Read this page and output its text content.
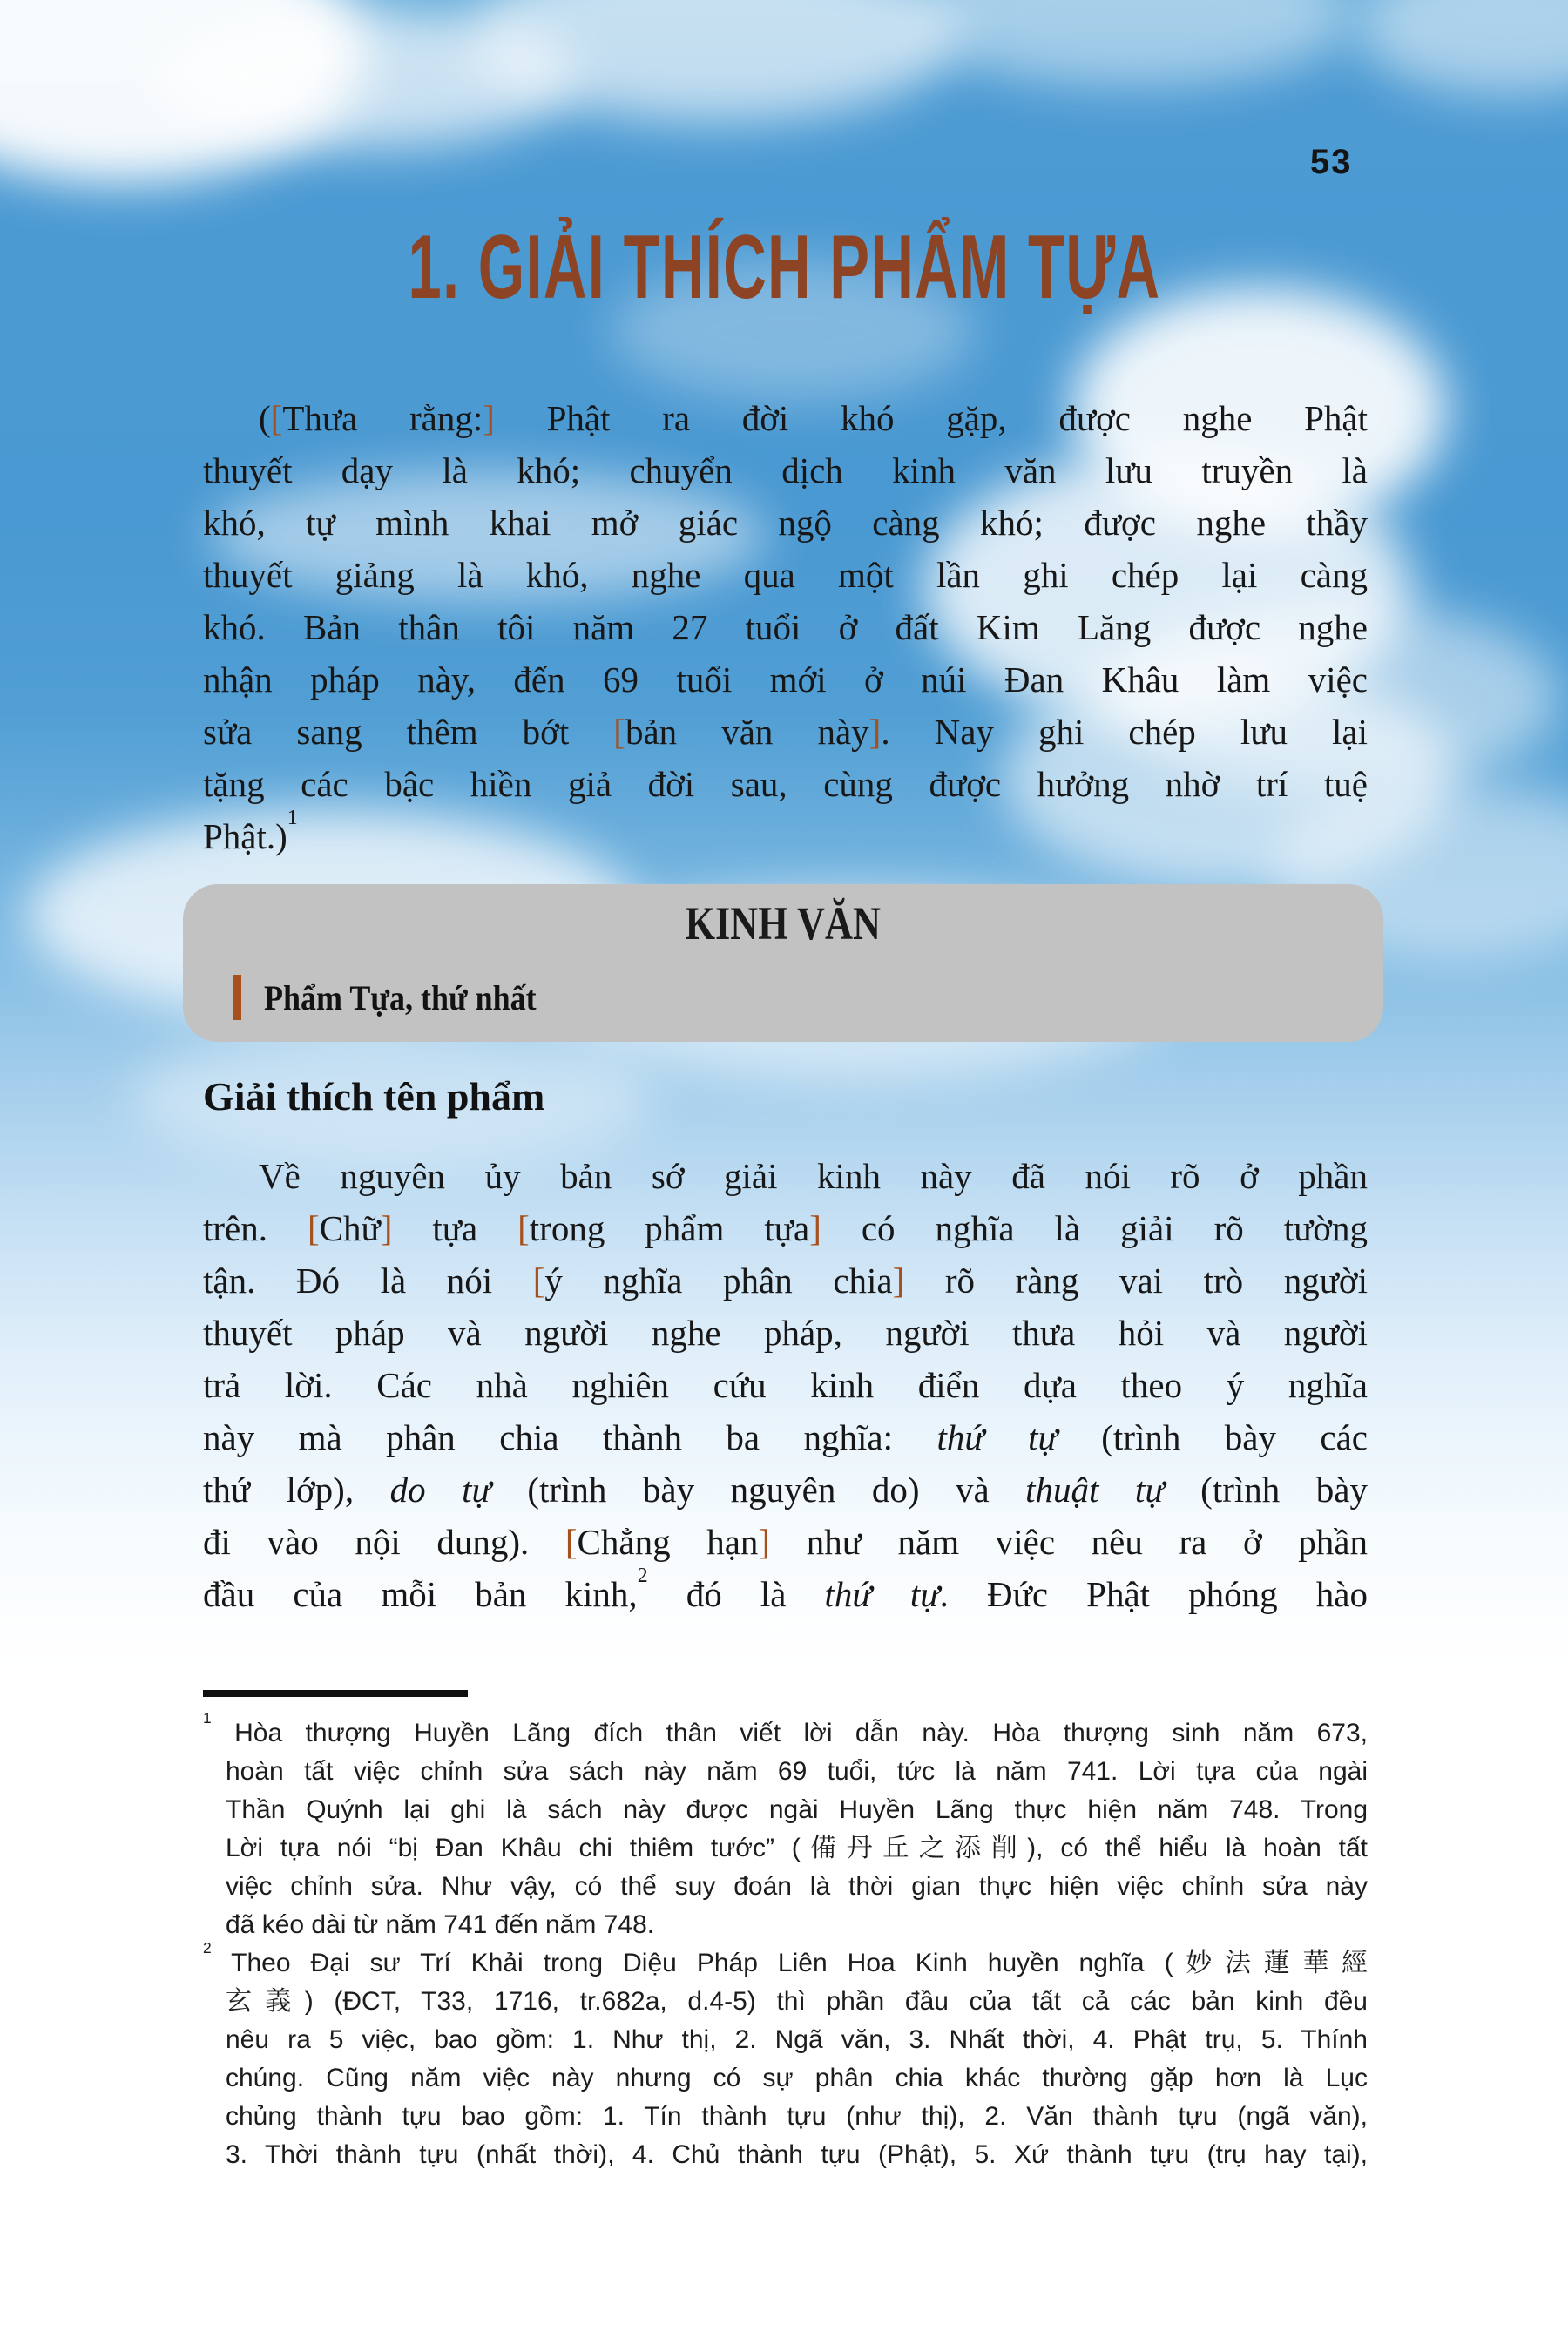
53
1. GIẢI THÍCH PHẨM TỰA
([Thưa rằng:] Phật ra đời khó gặp, được nghe Phật
thuyết dạy là khó; chuyển dịch kinh văn lưu truyền là
khó, tự mình khai mở giác ngộ càng khó; được nghe thầy
thuyết giảng là khó, nghe qua một lần ghi chép lại càng
khó. Bản thân tôi năm 27 tuổi ở đất Kim Lăng được nghe
nhận pháp này, đến 69 tuổi mới ở núi Đan Khâu làm việc
sửa sang thêm bớt [bản văn này]. Nay ghi chép lưu lại
tặng các bậc hiền giả đời sau, cùng được hưởng nhờ trí tuệ
Phật.)$^1$
KINH VĂN
Phẩm Tựa, thứ nhất
Giải thích tên phẩm
Về nguyên ủy bản sớ giải kinh này đã nói rõ ở phần
trên. [Chữ] tựa [trong phẩm tựa] có nghĩa là giải rõ tường
tận. Đó là nói [ý nghĩa phân chia] rõ ràng vai trò người
thuyết pháp và người nghe pháp, người thưa hỏi và người
trả lời. Các nhà nghiên cứu kinh điển dựa theo ý nghĩa
này mà phân chia thành ba nghĩa: thứ tự (trình bày các
thứ lớp), do tự (trình bày nguyên do) và thuật tự (trình bày
đi vào nội dung). [Chẳng hạn] như năm việc nêu ra ở phần
đầu của mỗi bản kinh,$^2$ đó là thứ tự. Đức Phật phóng hào
$^1$ Hòa thượng Huyền Lãng đích thân viết lời dẫn này. Hòa thượng sinh năm 673,
hoàn tất việc chỉnh sửa sách này năm 69 tuổi, tức là năm 741. Lời tựa của ngài
Thần Quýnh lại ghi là sách này được ngài Huyền Lãng thực hiện năm 748. Trong
Lời tựa nói “bị Đan Khâu chi thiêm tước” (備丹丘之添削), có thể hiểu là hoàn tất
việc chỉnh sửa. Như vậy, có thể suy đoán là thời gian thực hiện việc chỉnh sửa này
đã kéo dài từ năm 741 đến năm 748.
$^2$ Theo Đại sư Trí Khải trong Diệu Pháp Liên Hoa Kinh huyền nghĩa (妙法蓮華經
玄義) (ĐCT, T33, 1716, tr.682a, d.4-5) thì phần đầu của tất cả các bản kinh đều
nêu ra 5 việc, bao gồm: 1. Như thị, 2. Ngã văn, 3. Nhất thời, 4. Phật trụ, 5. Thính
chúng. Cũng năm việc này nhưng có sự phân chia khác thường gặp hơn là Lục
chủng thành tựu bao gồm: 1. Tín thành tựu (như thị), 2. Văn thành tựu (ngã văn),
3. Thời thành tựu (nhất thời), 4. Chủ thành tựu (Phật), 5. Xứ thành tựu (trụ hay tại),
